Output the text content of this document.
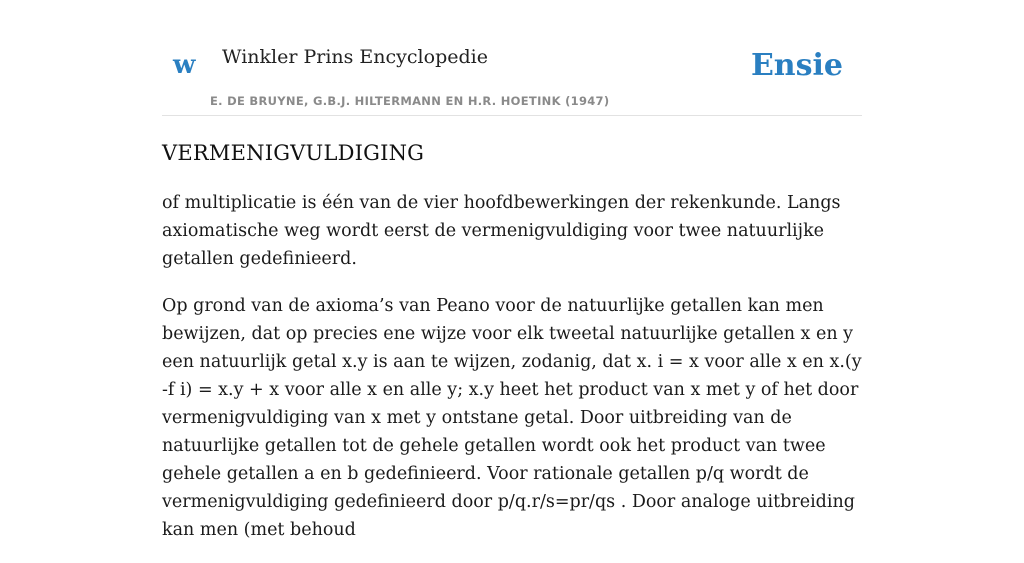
w Winkler Prins Encyclopedie
E. DE BRUYNE, G.B.J. HILTERMANN EN H.R. HOETINK (1947)
Ensie
VERMENIGVULDIGING

of multiplicatie is één van de vier hoofdbewerkingen der rekenkunde. Langs axiomatische weg wordt eerst de vermenigvuldiging voor twee natuurlijke getallen gedefinieerd.

Op grond van de axioma’s van Peano voor de natuurlijke getallen kan men bewijzen, dat op precies ene wijze voor elk tweetal natuurlijke getallen x en y een natuurlijk getal x.y is aan te wijzen, zodanig, dat x. i = x voor alle x en x.(y -f i) = x.y + x voor alle x en alle y; x.y heet het product van x met y of het door vermenigvuldiging van x met y ontstane getal. Door uitbreiding van de natuurlijke getallen tot de gehele getallen wordt ook het product van twee gehele getallen a en b gedefinieerd. Voor rationale getallen p/q wordt de vermenigvuldiging gedefinieerd door p/q.r/s=pr/qs . Door analoge uitbreiding kan men (met behoud
